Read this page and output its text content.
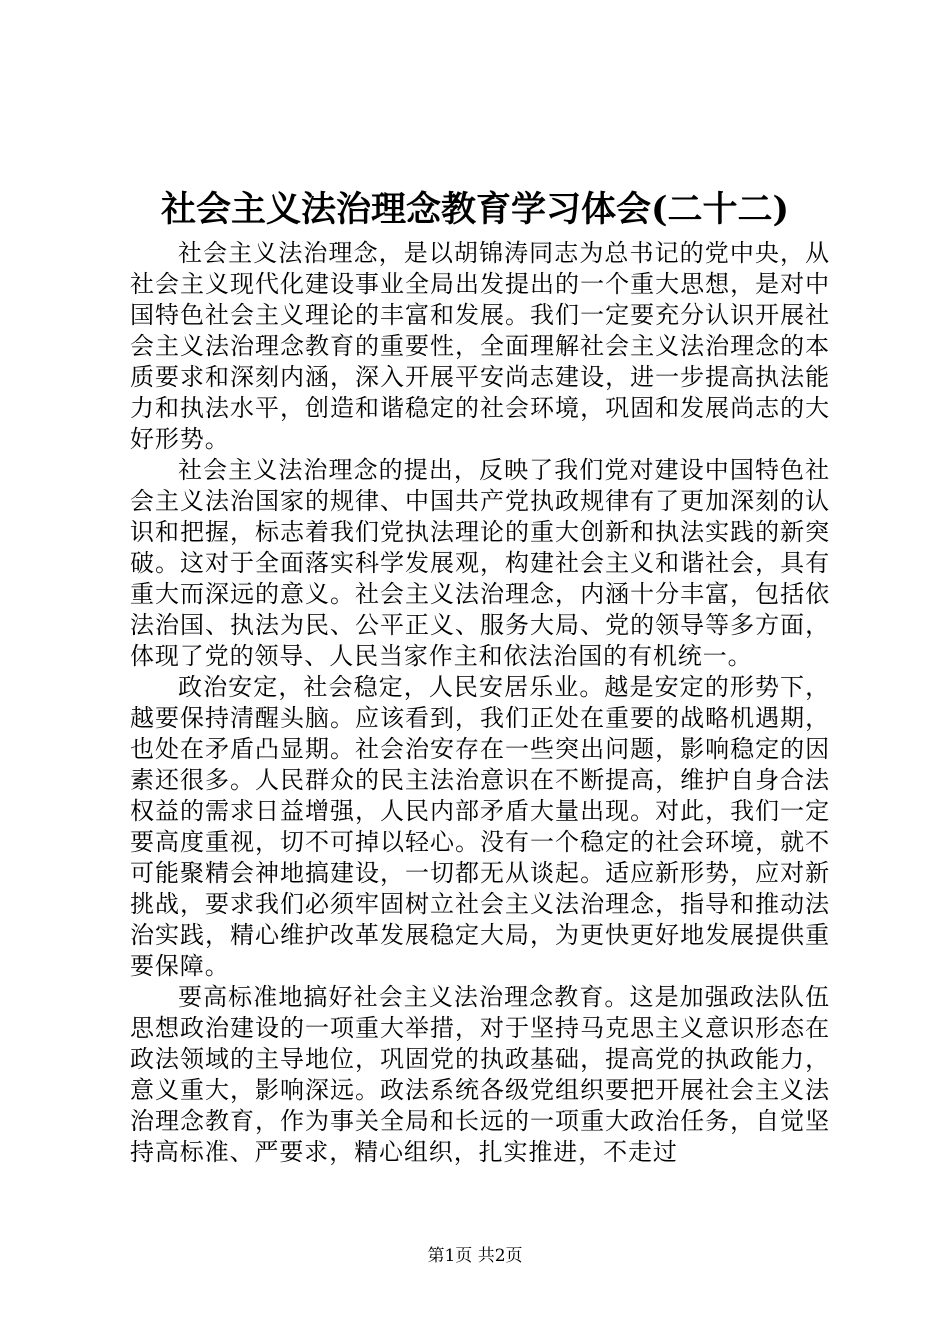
社会主义法治理念教育学习体会(二十二)

社会主义法治理念，是以胡锦涛同志为总书记的党中央，从社会主义现代化建设事业全局出发提出的一个重大思想，是对中国特色社会主义理论的丰富和发展。我们一定要充分认识开展社会主义法治理念教育的重要性，全面理解社会主义法治理念的本质要求和深刻内涵，深入开展平安尚志建设，进一步提高执法能力和执法水平，创造和谐稳定的社会环境，巩固和发展尚志的大好形势。

社会主义法治理念的提出，反映了我们党对建设中国特色社会主义法治国家的规律、中国共产党执政规律有了更加深刻的认识和把握，标志着我们党执法理论的重大创新和执法实践的新突破。这对于全面落实科学发展观，构建社会主义和谐社会，具有重大而深远的意义。社会主义法治理念，内涵十分丰富，包括依法治国、执法为民、公平正义、服务大局、党的领导等多方面，体现了党的领导、人民当家作主和依法治国的有机统一。

政治安定，社会稳定，人民安居乐业。越是安定的形势下，越要保持清醒头脑。应该看到，我们正处在重要的战略机遇期，也处在矛盾凸显期。社会治安存在一些突出问题，影响稳定的因素还很多。人民群众的民主法治意识在不断提高，维护自身合法权益的需求日益增强，人民内部矛盾大量出现。对此，我们一定要高度重视，切不可掉以轻心。没有一个稳定的社会环境，就不可能聚精会神地搞建设，一切都无从谈起。适应新形势，应对新挑战，要求我们必须牢固树立社会主义法治理念，指导和推动法治实践，精心维护改革发展稳定大局，为更快更好地发展提供重要保障。

要高标准地搞好社会主义法治理念教育。这是加强政法队伍思想政治建设的一项重大举措，对于坚持马克思主义意识形态在政法领域的主导地位，巩固党的执政基础，提高党的执政能力，意义重大，影响深远。政法系统各级党组织要把开展社会主义法治理念教育，作为事关全局和长远的一项重大政治任务，自觉坚持高标准、严要求，精心组织，扎实推进，不走过

第1页 共2页
